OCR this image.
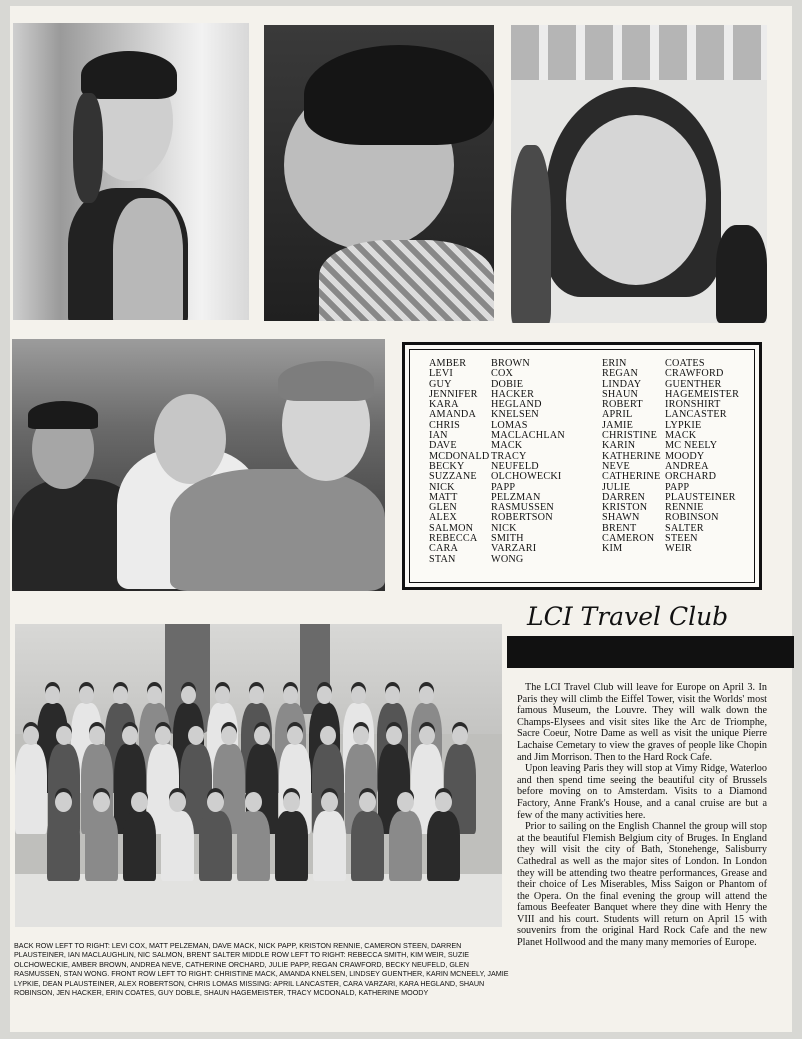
AMBER
LEVI
GUY
JENNIFER
KARA
AMANDA
CHRIS
IAN
DAVE
MCDONALD
BECKY
SUZZANE
NICK
MATT
GLEN
ALEX
SALMON
REBECCA
CARA
STAN
BROWN
COX
DOBIE
HACKER
HEGLAND
KNELSEN
LOMAS
MACLACHLAN
MACK
TRACY
NEUFELD
OLCHOWECKI
PAPP
PELZMAN
RASMUSSEN
ROBERTSON
NICK
SMITH
VARZARI
WONG
ERIN
REGAN
LINDAY
SHAUN
ROBERT
APRIL
JAMIE
CHRISTINE
KARIN
KATHERINE
NEVE
CATHERINE
JULIE
DARREN
KRISTON
SHAWN
BRENT
CAMERON
KIM
COATES
CRAWFORD
GUENTHER
HAGEMEISTER
IRONSHIRT
LANCASTER
LYPKIE
MACK
MC NEELY
MOODY
ANDREA
ORCHARD
PAPP
PLAUSTEINER
RENNIE
ROBINSON
SALTER
STEEN
WEIR
LCI Travel Club

The LCI Travel Club will leave for Europe on April 3. In Paris they will climb the Eiffel Tower, visit the Worlds' most famous Museum, the Louvre. They will walk down the Champs-Elysees and visit sites like the Arc de Triomphe, Sacre Coeur, Notre Dame as well as visit the unique Pierre Lachaise Cemetary to view the graves of people like Chopin and Jim Morrison. Then to the Hard Rock Cafe.

Upon leaving Paris they will stop at Vimy Ridge, Waterloo and then spend time seeing the beautiful city of Brussels before moving on to Amsterdam. Visits to a Diamond Factory, Anne Frank's House, and a canal cruise are but a few of the many activities here.

Prior to sailing on the English Channel the group will stop at the beautiful Flemish Belgium city of Bruges. In England they will visit the city of Bath, Stonehenge, Salisburry Cathedral as well as the major sites of London. In London they will be attending two theatre performances, Grease and their choice of Les Miserables, Miss Saigon or Phantom of the Opera. On the final evening the group will attend the famous Beefeater Banquet where they dine with Henry the VIII and his court. Students will return on April 15 with souvenirs from the original Hard Rock Cafe and the new Planet Hollwood and the many many memories of Europe.

BACK ROW LEFT TO RIGHT: LEVI COX, MATT PELZEMAN, DAVE MACK, NICK PAPP, KRISTON RENNIE, CAMERON STEEN, DARREN PLAUSTEINER, IAN MACLAUGHLIN, NIC SALMON, BRENT SALTER MIDDLE ROW LEFT TO RIGHT: REBECCA SMITH, KIM WEIR, SUZIE OLCHOWECKIE, AMBER BROWN, ANDREA NEVE, CATHERINE ORCHARD, JULIE PAPP, REGAN CRAWFORD, BECKY NEUFELD, GLEN RASMUSSEN, STAN WONG. FRONT ROW LEFT TO RIGHT: CHRISTINE MACK, AMANDA KNELSEN, LINDSEY GUENTHER, KARIN MCNEELY, JAMIE LYPKIE, DEAN PLAUSTEINER, ALEX ROBERTSON, CHRIS LOMAS MISSING: APRIL LANCASTER, CARA VARZARI, KARA HEGLAND, SHAUN ROBINSON, JEN HACKER, ERIN COATES, GUY DOBLE, SHAUN HAGEMEISTER, TRACY MCDONALD, KATHERINE MOODY
